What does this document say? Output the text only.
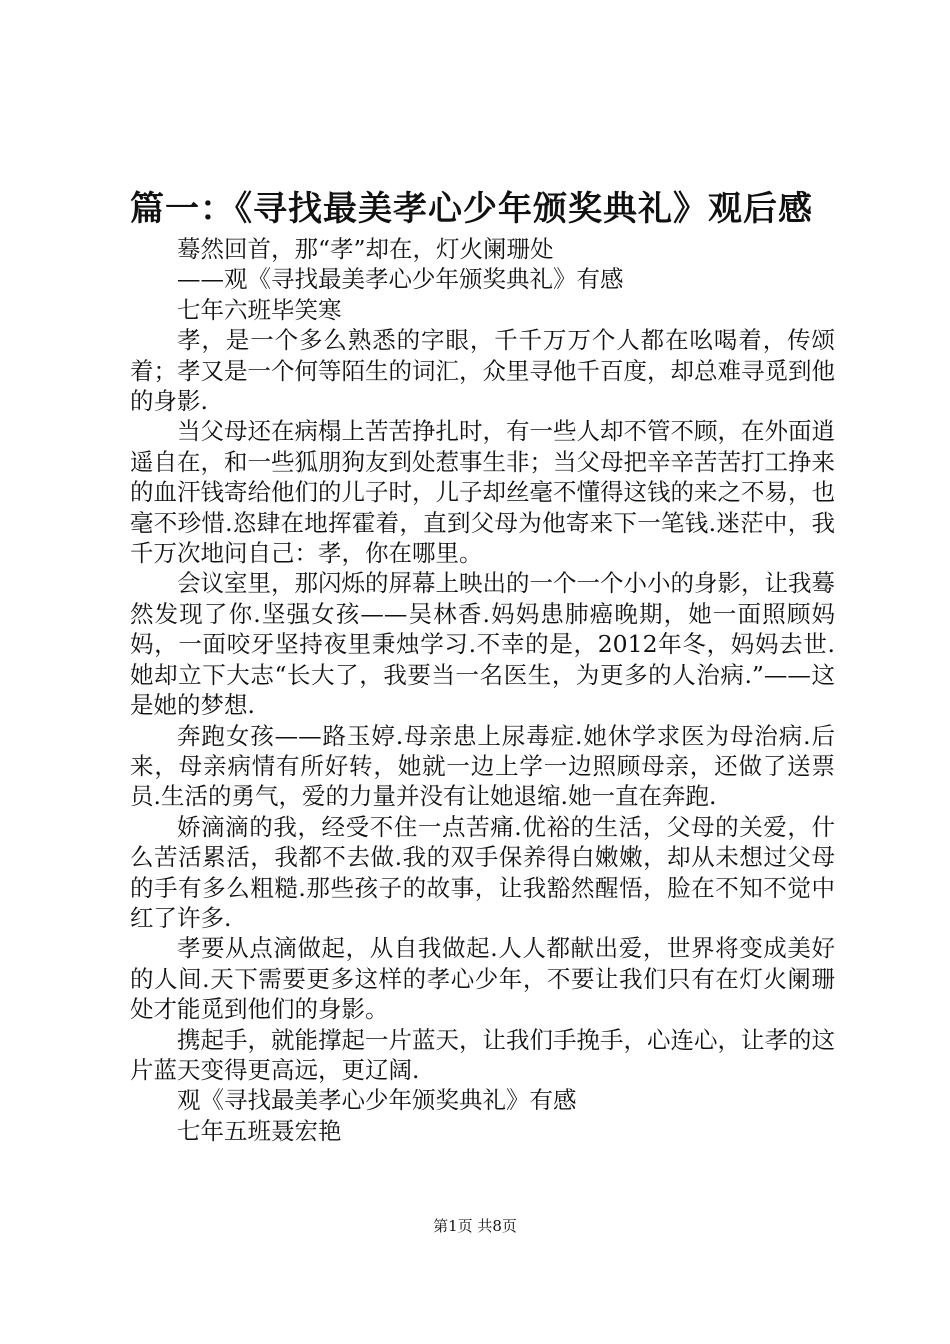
篇一：《寻找最美孝心少年颁奖典礼》观后感

蓦然回首，那“孝”却在，灯火阑珊处

——观《寻找最美孝心少年颁奖典礼》有感

七年六班毕笑寒

孝，是一个多么熟悉的字眼，千千万万个人都在吆喝着，传颂着；孝又是一个何等陌生的词汇，众里寻他千百度，却总难寻觅到他的身影.

当父母还在病榻上苦苦挣扎时，有一些人却不管不顾，在外面逍遥自在，和一些狐朋狗友到处惹事生非；当父母把辛辛苦苦打工挣来的血汗钱寄给他们的儿子时，儿子却丝毫不懂得这钱的来之不易，也毫不珍惜.恣肆在地挥霍着，直到父母为他寄来下一笔钱.迷茫中，我千万次地问自己：孝，你在哪里。

会议室里，那闪烁的屏幕上映出的一个一个小小的身影，让我蓦然发现了你.坚强女孩——吴林香.妈妈患肺癌晚期，她一面照顾妈妈，一面咬牙坚持夜里秉烛学习.不幸的是，2012年冬，妈妈去世.她却立下大志“长大了，我要当一名医生，为更多的人治病.”——这是她的梦想.

奔跑女孩——路玉婷.母亲患上尿毒症.她休学求医为母治病.后来，母亲病情有所好转，她就一边上学一边照顾母亲，还做了送票员.生活的勇气，爱的力量并没有让她退缩.她一直在奔跑.

娇滴滴的我，经受不住一点苦痛.优裕的生活，父母的关爱，什么苦活累活，我都不去做.我的双手保养得白嫩嫩，却从未想过父母的手有多么粗糙.那些孩子的故事，让我豁然醒悟，脸在不知不觉中红了许多.

孝要从点滴做起，从自我做起.人人都献出爱，世界将变成美好的人间.天下需要更多这样的孝心少年，不要让我们只有在灯火阑珊处才能觅到他们的身影。

携起手，就能撑起一片蓝天，让我们手挽手，心连心，让孝的这片蓝天变得更高远，更辽阔.

观《寻找最美孝心少年颁奖典礼》有感

七年五班聂宏艳

第1页 共8页
